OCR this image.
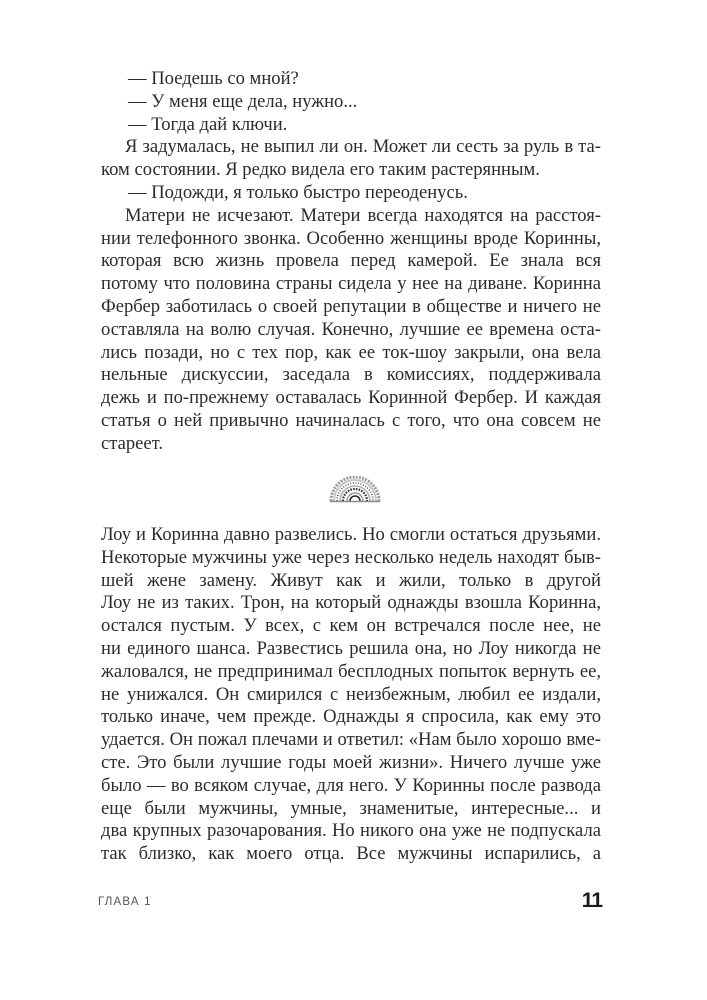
— Поедешь со мной?
— У меня еще дела, нужно...
— Тогда дай ключи.
Я задумалась, не выпил ли он. Может ли сесть за руль в та-
ком состоянии. Я редко видела его таким растерянным.
— Подожди, я только быстро переоденусь.
Матери не исчезают. Матери всегда находятся на расстоя-
нии телефонного звонка. Особенно женщины вроде Коринны,
которая всю жизнь провела перед камерой. Ее знала вся
потому что половина страны сидела у нее на диване. Коринна
Фербер заботилась о своей репутации в обществе и ничего не
оставляла на волю случая. Конечно, лучшие ее времена оста-
лись позади, но с тех пор, как ее ток-шоу закрыли, она вела
нельные дискуссии, заседала в комиссиях, поддерживала
дежь и по-прежнему оставалась Коринной Фербер. И каждая
статья о ней привычно начиналась с того, что она совсем не
стареет.
Лоу и Коринна давно развелись. Но смогли остаться друзьями.
Некоторые мужчины уже через несколько недель находят быв-
шей жене замену. Живут как и жили, только в другой
Лоу не из таких. Трон, на который однажды взошла Коринна,
остался пустым. У всех, с кем он встречался после нее, не
ни единого шанса. Развестись решила она, но Лоу никогда не
жаловался, не предпринимал бесплодных попыток вернуть ее,
не унижался. Он смирился с неизбежным, любил ее издали,
только иначе, чем прежде. Однажды я спросила, как ему это
удается. Он пожал плечами и ответил: «Нам было хорошо вме-
сте. Это были лучшие годы моей жизни». Ничего лучше уже
было — во всяком случае, для него. У Коринны после развода
еще были мужчины, умные, знаменитые, интересные... и
два крупных разочарования. Но никого она уже не подпускала
так близко, как моего отца. Все мужчины испарились, а
ГЛАВА 1	11
